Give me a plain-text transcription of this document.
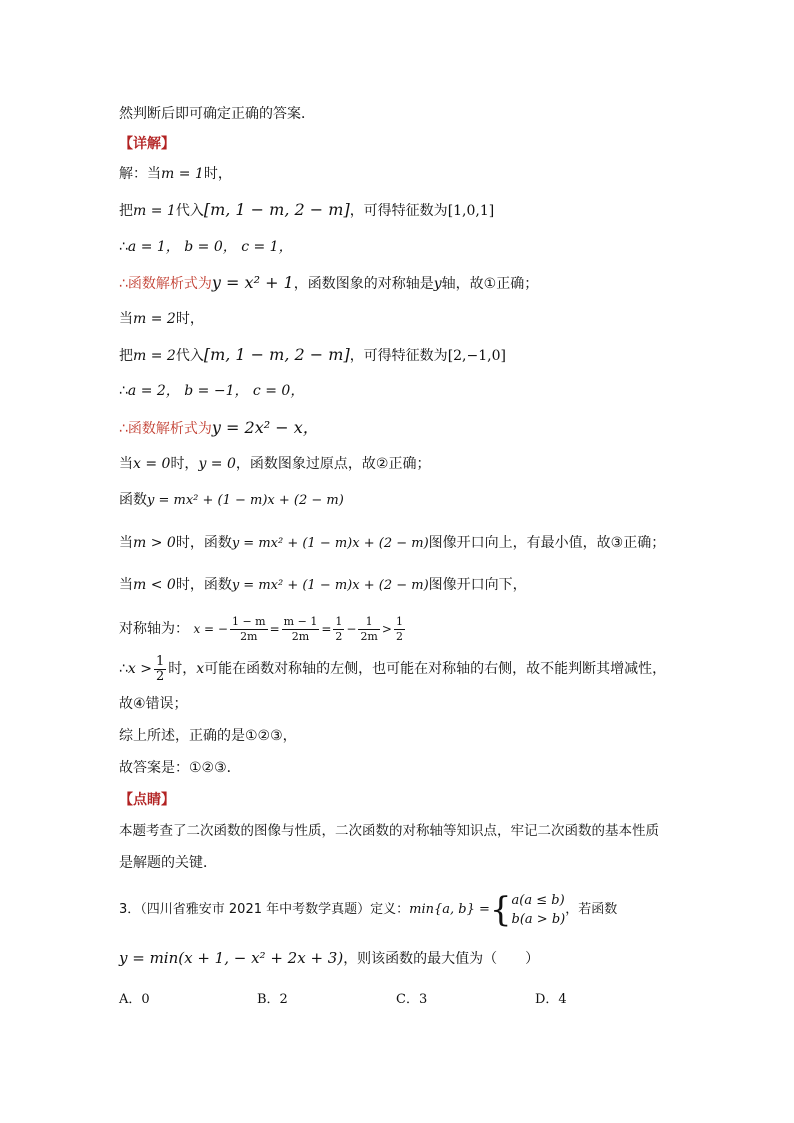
然判断后即可确定正确的答案．
【详解】
解：当m = 1时，
把m = 1代入[m, 1 − m, 2 − m]，可得特征数为[1,0,1]
∴a = 1， b = 0， c = 1，
∴函数解析式为y = x² + 1，函数图象的对称轴是y轴，故①正确；
当m = 2时，
把m = 2代入[m, 1 − m, 2 − m]，可得特征数为[2,−1,0]
∴a = 2， b = −1， c = 0，
∴函数解析式为y = 2x² − x，
当x = 0时，y = 0，函数图象过原点，故②正确；
函数y = mx² + (1 − m)x + (2 − m)
当m > 0时，函数y = mx² + (1 − m)x + (2 − m)图像开口向上，有最小值，故③正确；
当m < 0时，函数y = mx² + (1 − m)x + (2 − m)图像开口向下，
对称轴为： x = − $\frac{1 - m}{2m} = \frac{m - 1}{2m} = \frac{1}{2} - \frac{1}{2m} > \frac{1}{2}$
∴x > $\frac{1}{2}$ 时，x可能在函数对称轴的左侧，也可能在对称轴的右侧，故不能判断其增减性，
故④错误；
综上所述，正确的是①②③，
故答案是：①②③．
【点睛】
本题考查了二次函数的图像与性质，二次函数的对称轴等知识点，牢记二次函数的基本性质
是解题的关键．
3．（四川省雅安市 2021 年中考数学真题）定义：min{a, b} ={ a(a ≤ b)
b(a > b)
，若函数
y = min(x + 1, − x² + 2x + 3)，则该函数的最大值为（　　）
A．0	B．2	C．3	D．4
